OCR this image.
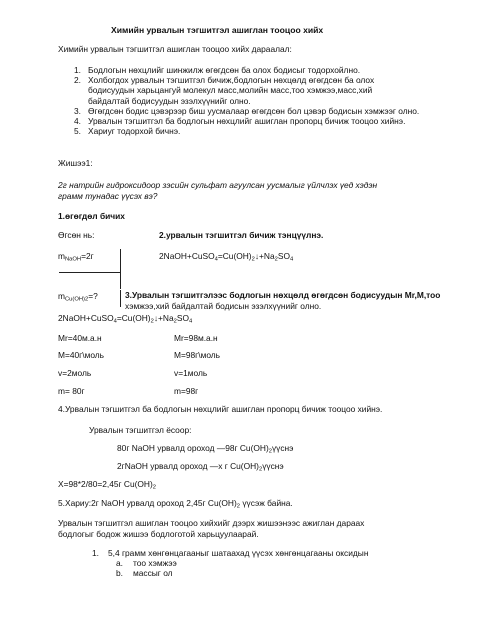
Химийн урвалын тэгшитгэл ашиглан тооцоо хийх
Химийн урвалын тэгшитгэл ашиглан тооцоо хийх дараалал:
1. Бодлогын нөхцлийг шинжилж өгөгдсөн ба олох бодисыг тодорхойлно.
2. Холбогдох урвалын тэгшитгэл бичиж,бодлогын нөхцөлд өгөгдсөн ба олох
бодисуудын харьцангуй молекул масс,молийн масс,тоо хэмжээ,масс,хий
байдалтай бодисуудын эзэлхүүнийг олно.
3. Өгөгдсөн бодис цэвэрээр биш уусмалаар өгөгдсөн бол цэвэр бодисын хэмжээг олно.
4. Урвалын тэгшитгэл ба бодлогын нөхцлийг ашиглан пропорц бичиж тооцоо хийнэ.
5. Хариуг тодорхой бичнэ.
Жишээ1:
2г натрийн гидроксидоор зэсийн сульфат агуулсан уусмалыг үйлчлэх үед хэдэн
грамм тунадас үүсэх вэ?
1.өгөгдөл бичих
Өгсөн нь:	2.урвалын тэгшитгэл бичиж тэнцүүлнэ.
$m_{NaOH}=2г$	$2NaOH+CuSO_4=Cu(OH)_2↓+Na_2SO_4$
$m_{Cu(OH)2}=$?	3.Урвалын тэгшитгэлээс бодлогын нөхцөлд өгөгдсөн бодисуудын Mr,M,тоо
хэмжээ,хий байдалтай бодисын эзэлхүүнийг олно.
$2NaOH+CuSO_4=Cu(OH)_2↓+Na_2SO_4$
Mr=40м.а.н	Mr=98м.а.н
M=40г\моль	M=98г\моль
v=2моль	v=1моль
m= 80г	m=98г
4.Урвалын тэгшитгэл ба бодлогын нөхцлийг ашиглан пропорц бичиж тооцоо хийнэ.
Урвалын тэгшитгэл ёсоор:
80г NaOH урвалд ороход —98г $Cu(OH)_2үүснэ$
2гNaOH урвалд ороход —х г $Cu(OH)_2үүснэ$
X=98*2/80=2,45г $Cu(OH)_2$
5.Хариу:2г NaOH урвалд ороход 2,45г $Cu(OH)_2$ үүсэж байна.
Урвалын тэгшитгэл ашиглан тооцоо хийхийг дээрх жишээнээс ажиглан дараах
бодлогыг бодож жишээ бодлоготой харьцуулаарай.
1. 5,4 грамм хөнгөнцагааныг шатаахад үүсэх хөнгөнцагааны оксидын
a. тоо хэмжээ
b. массыг ол
